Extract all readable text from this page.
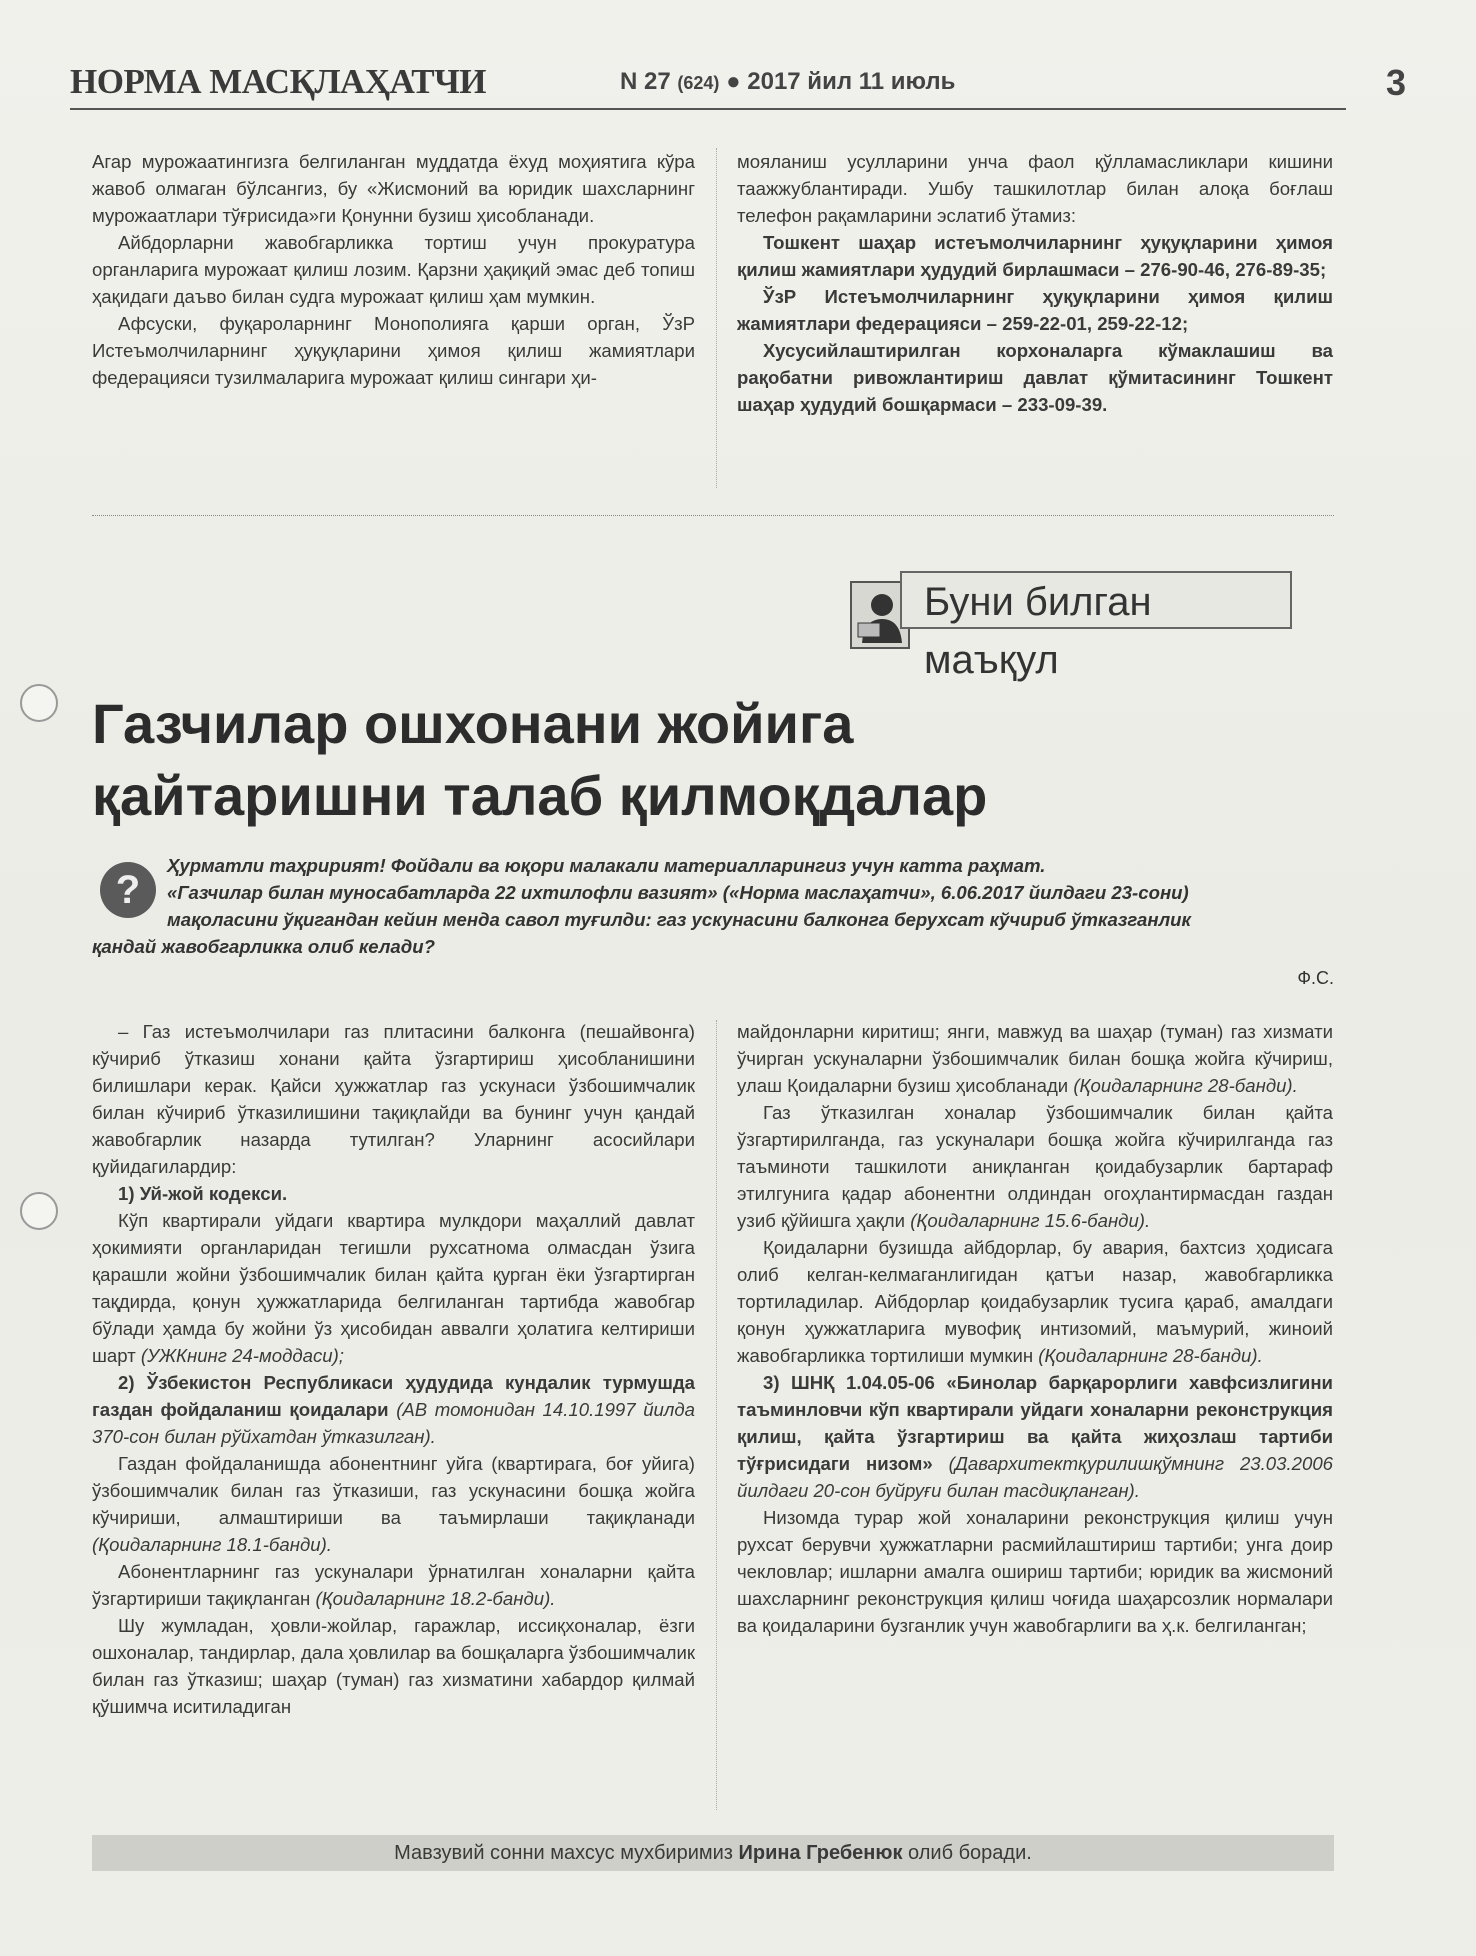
НОРМА МАСҚЛАҲАТЧИ	N 27 (624) ● 2017 йил 11 июль	3

Агар мурожаатингизга белгиланган муддатда ёхуд моҳиятига кўра жавоб олмаган бўлсангиз, бу «Жисмоний ва юридик шахсларнинг мурожаатлари тўғрисида»ги Қонунни бузиш ҳисобланади.

Айбдорларни жавобгарликка тортиш учун прокуратура органларига мурожаат қилиш лозим. Қарзни ҳақиқий эмас деб топиш ҳақидаги даъво билан судга мурожаат қилиш ҳам мумкин.

Афсуски, фуқароларнинг Монополияга қарши орган, ЎзР Истеъмолчиларнинг ҳуқуқларини ҳимоя қилиш жамиятлари федерацияси тузилмаларига мурожаат қилиш сингари ҳи-

мояланиш усулларини унча фаол қўлламасликлари кишини таажжублантиради. Ушбу ташкилотлар билан алоқа боғлаш телефон рақамларини эслатиб ўтамиз:

Тошкент шаҳар истеъмолчиларнинг ҳуқуқларини ҳимоя қилиш жамиятлари ҳудудий бирлашмаси – 276-90-46, 276-89-35;

ЎзР Истеъмолчиларнинг ҳуқуқларини ҳимоя қилиш жамиятлари федерацияси – 259-22-01, 259-22-12;

Хусусийлаштирилган корхоналарга кўмаклашиш ва рақобатни ривожлантириш давлат қўмитасининг Тошкент шаҳар ҳудудий бошқармаси – 233-09-39.

Буни билган маъқул
Газчилар ошхонани жойига
қайтаришни талаб қилмоқдалар
?
Ҳурматли таҳририят! Фойдали ва юқори малакали материалларингиз учун катта раҳмат.
«Газчилар билан муносабатларда 22 ихтилофли вазият» («Норма маслаҳатчи», 6.06.2017 йилдаги 23-сони)
мақоласини ўқигандан кейин менда савол туғилди: газ ускунасини балконга берухсат кўчириб ўтказганлик
қандай жавобгарликка олиб келади?
Ф.С.

– Газ истеъмолчилари газ плитасини балконга (пешайвонга) кўчириб ўтказиш хонани қайта ўзгартириш ҳисобланишини билишлари керак. Қайси ҳужжатлар газ ускунаси ўзбошимчалик билан кўчириб ўтказилишини тақиқлайди ва бунинг учун қандай жавобгарлик назарда тутилган? Уларнинг асосийлари қуйидагилардир:

1) Уй-жой кодекси.

Кўп квартирали уйдаги квартира мулкдори маҳаллий давлат ҳокимияти органларидан тегишли рухсатнома олмасдан ўзига қарашли жойни ўзбошимчалик билан қайта қурган ёки ўзгартирган тақдирда, қонун ҳужжатларида белгиланган тартибда жавобгар бўлади ҳамда бу жойни ўз ҳисобидан аввалги ҳолатига келтириши шарт (УЖКнинг 24-моддаси);

2) Ўзбекистон Республикаси ҳудудида кундалик турмушда газдан фойдаланиш қоидалари (АВ томонидан 14.10.1997 йилда 370-сон билан рўйхатдан ўтказилган).

Газдан фойдаланишда абонентнинг уйга (квартирага, боғ уйига) ўзбошимчалик билан газ ўтказиши, газ ускунасини бошқа жойга кўчириши, алмаштириши ва таъмирлаши тақиқланади (Қоидаларнинг 18.1-банди).

Абонентларнинг газ ускуналари ўрнатилган хоналарни қайта ўзгартириши тақиқланган (Қоидаларнинг 18.2-банди).

Шу жумладан, ҳовли-жойлар, гаражлар, иссиқхоналар, ёзги ошхоналар, тандирлар, дала ҳовлилар ва бошқаларга ўзбошимчалик билан газ ўтказиш; шаҳар (туман) газ хизматини хабардор қилмай қўшимча иситиладиган

майдонларни киритиш; янги, мавжуд ва шаҳар (туман) газ хизмати ўчирган ускуналарни ўзбошимчалик билан бошқа жойга кўчириш, улаш Қоидаларни бузиш ҳисобланади (Қоидаларнинг 28-банди).

Газ ўтказилган хоналар ўзбошимчалик билан қайта ўзгартирилганда, газ ускуналари бошқа жойга кўчирилганда газ таъминоти ташкилоти аниқланган қоидабузарлик бартараф этилгунига қадар абонентни олдиндан огоҳлантирмасдан газдан узиб қўйишга ҳақли (Қоидаларнинг 15.6-банди).

Қоидаларни бузишда айбдорлар, бу авария, бахтсиз ҳодисага олиб келган-келмаганлигидан қатъи назар, жавобгарликка тортиладилар. Айбдорлар қоидабузарлик тусига қараб, амалдаги қонун ҳужжатларига мувофиқ интизомий, маъмурий, жиноий жавобгарликка тортилиши мумкин (Қоидаларнинг 28-банди).

3) ШНҚ 1.04.05-06 «Бинолар барқарорлиги хавфсизлигини таъминловчи кўп квартирали уйдаги хоналарни реконструкция қилиш, қайта ўзгартириш ва қайта жиҳозлаш тартиби тўғрисидаги низом» (Даварxитектқурилишқўмнинг 23.03.2006 йилдаги 20-сон буйруғи билан тасдиқланган).

Низомда турар жой хоналарини реконструкция қилиш учун рухсат берувчи ҳужжатларни расмийлаштириш тартиби; унга доир чекловлар; ишларни амалга ошириш тартиби; юридик ва жисмоний шахсларнинг реконструкция қилиш чоғида шаҳарсозлик нормалари ва қоидаларини бузганлик учун жавобгарлиги ва ҳ.к. белгиланган;

Мавзувий сонни махсус мухбиримиз Ирина Гребенюк олиб боради.
